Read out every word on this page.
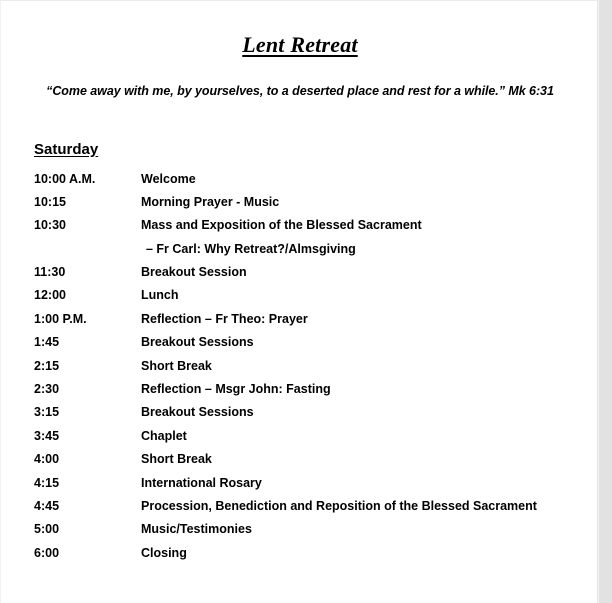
Lent Retreat

“Come away with me, by yourselves, to a deserted place and rest for a while.” Mk 6:31

Saturday
10:00 A.M.	Welcome
10:15	Morning Prayer - Music
10:30	Mass and Exposition of the Blessed Sacrament
– Fr Carl: Why Retreat?/Almsgiving
11:30	Breakout Session
12:00	Lunch
1:00 P.M.	Reflection – Fr Theo: Prayer
1:45	Breakout Sessions
2:15	Short Break
2:30	Reflection – Msgr John: Fasting
3:15	Breakout Sessions
3:45	Chaplet
4:00	Short Break
4:15	International Rosary
4:45	Procession, Benediction and Reposition of the Blessed Sacrament
5:00	Music/Testimonies
6:00	Closing
